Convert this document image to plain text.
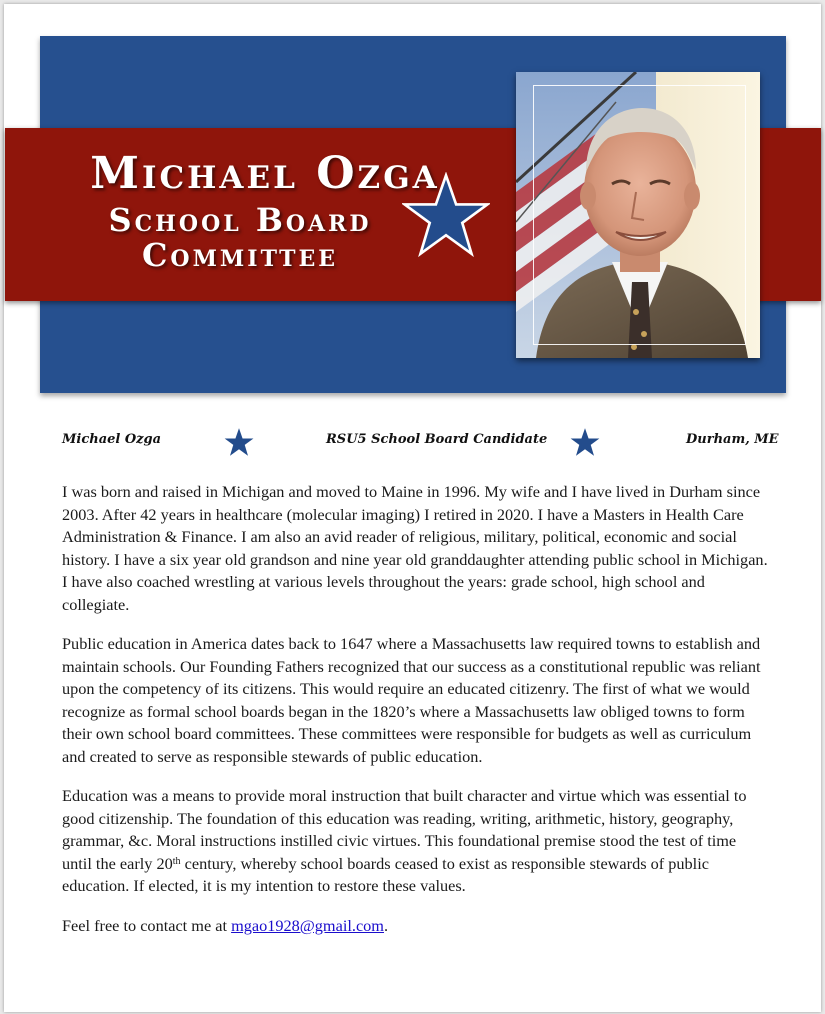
Michael Ozga
School Board
Committee
Michael Ozga	RSU5 School Board Candidate	Durham, ME

I was born and raised in Michigan and moved to Maine in 1996. My wife and I have lived in Durham since 2003. After 42 years in healthcare (molecular imaging) I retired in 2020. I have a Masters in Health Care Administration & Finance. I am also an avid reader of religious, military, political, economic and social history. I have a six year old grandson and nine year old granddaughter attending public school in Michigan. I have also coached wrestling at various levels throughout the years: grade school, high school and collegiate.

Public education in America dates back to 1647 where a Massachusetts law required towns to establish and maintain schools. Our Founding Fathers recognized that our success as a constitutional republic was reliant upon the competency of its citizens. This would require an educated citizenry. The first of what we would recognize as formal school boards began in the 1820’s where a Massachusetts law obliged towns to form their own school board committees. These committees were responsible for budgets as well as curriculum and created to serve as responsible stewards of public education.

Education was a means to provide moral instruction that built character and virtue which was essential to good citizenship. The foundation of this education was reading, writing, arithmetic, history, geography, grammar, &c. Moral instructions instilled civic virtues. This foundational premise stood the test of time until the early 20th century, whereby school boards ceased to exist as responsible stewards of public education. If elected, it is my intention to restore these values.

Feel free to contact me at mgao1928@gmail.com.
